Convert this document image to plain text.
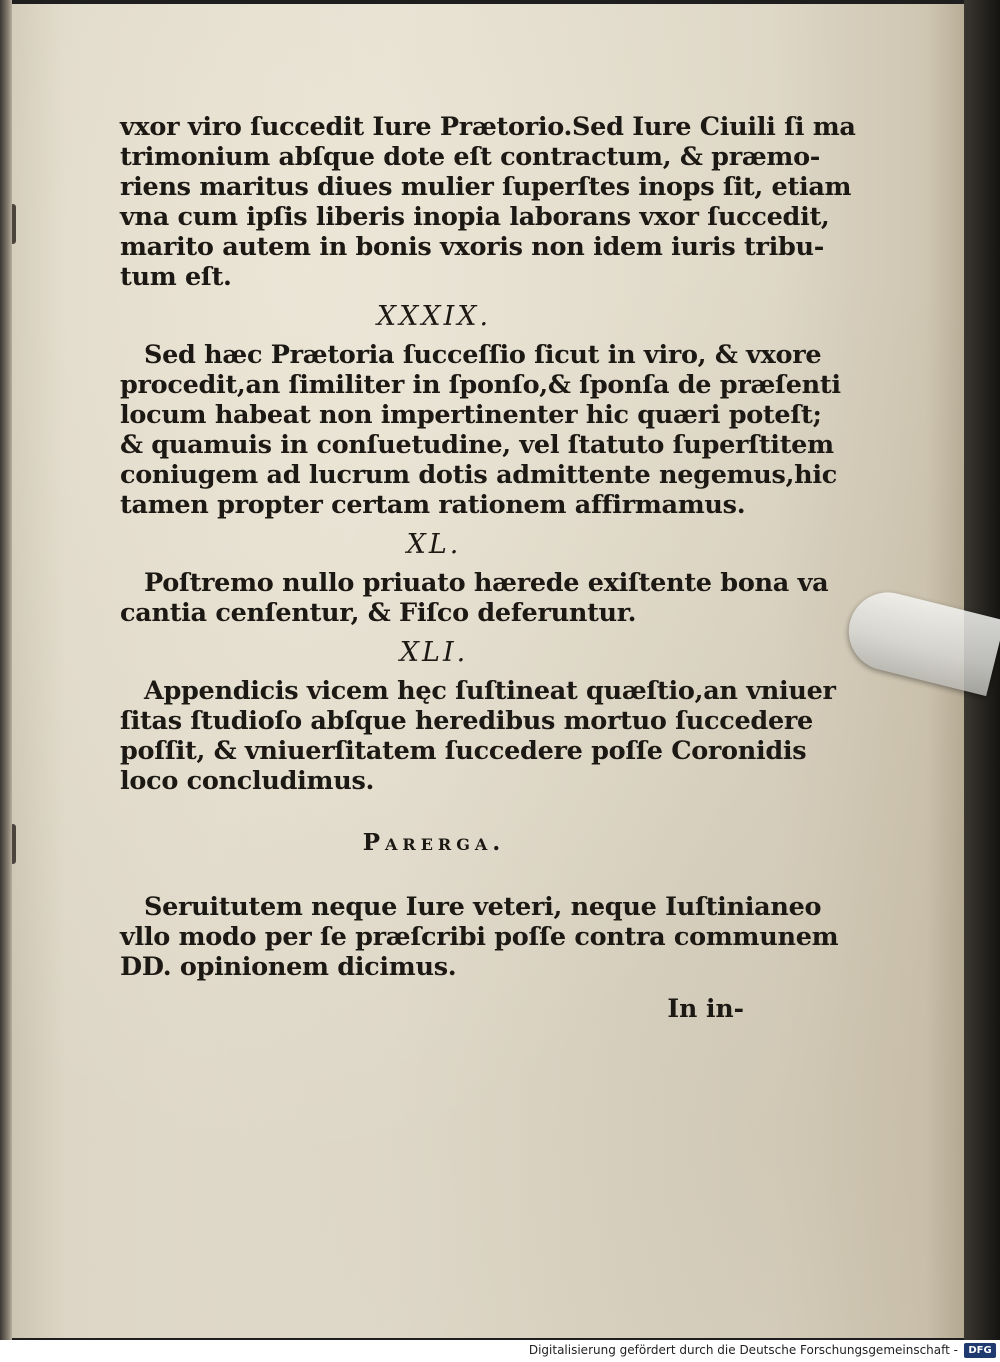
vxor viro ſuccedit Iure Prætorio.Sed Iure Ciuili ſi ma
trimonium abſque dote eſt contractum, & præmo-
riens maritus diues mulier ſuperſtes inops ſit, etiam
vna cum ipſis liberis inopia laborans vxor ſuccedit,
marito autem in bonis vxoris non idem iuris tribu-
tum eſt.
XXXIX.
Sed hæc Prætoria ſucceſſio ſicut in viro, & vxore
procedit,an ſimiliter in ſponſo,& ſponſa de præſenti
locum habeat non impertinenter hic quæri poteſt;
& quamuis in conſuetudine, vel ſtatuto ſuperſtitem
coniugem ad lucrum dotis admittente negemus,hic
tamen propter certam rationem affirmamus.
XL.
Poſtremo nullo priuato hærede exiſtente bona va
cantia cenſentur, & Fiſco deferuntur.
XLI.
Appendicis vicem hęc ſuſtineat quæſtio,an vniuer
ſitas ſtudioſo abſque heredibus mortuo ſuccedere
poſſit, & vniuerſitatem ſuccedere poſſe Coronidis
loco concludimus.
Parerga.
Seruitutem neque Iure veteri, neque Iuſtinianeo
vllo modo per ſe præſcribi poſſe contra communem
DD. opinionem dicimus.
In in-
Digitalisierung gefördert durch die Deutsche Forschungsgemeinschaft -	DFG
